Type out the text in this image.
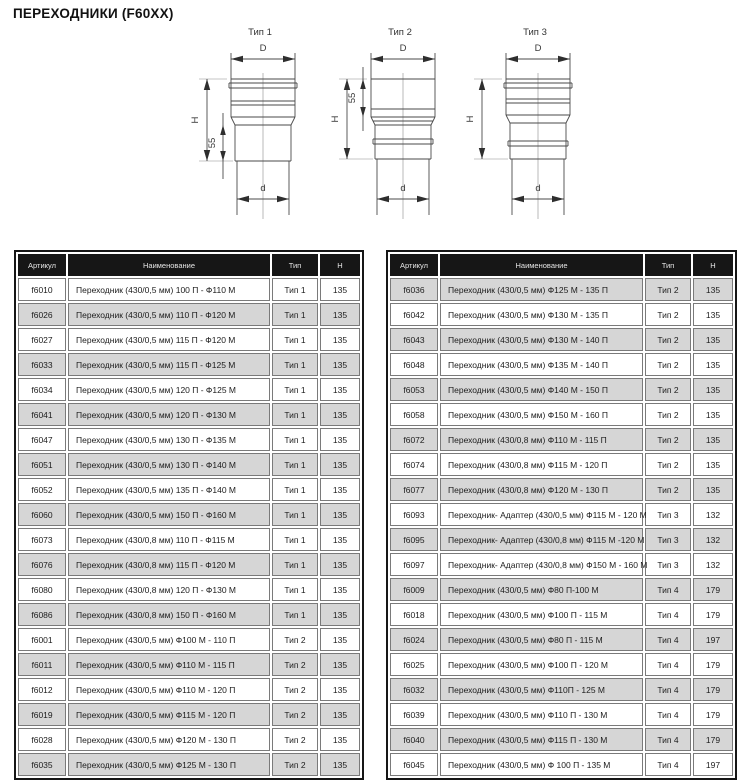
ПЕРЕХОДНИКИ (F60XX)
Тип 1
D
H
55
d
Тип 2
D
H
55
d
Тип 3
D
H
d
Артикул	Наименование	Тип	Н
f6010	Переходник (430/0,5 мм) 100 П - Ф110 М	Тип 1	135
f6026	Переходник (430/0,5 мм) 110 П - Ф120 М	Тип 1	135
f6027	Переходник (430/0,5 мм) 115 П - Ф120 М	Тип 1	135
f6033	Переходник (430/0,5 мм) 115 П - Ф125 М	Тип 1	135
f6034	Переходник (430/0,5 мм) 120 П - Ф125 М	Тип 1	135
f6041	Переходник (430/0,5 мм) 120 П - Ф130 М	Тип 1	135
f6047	Переходник (430/0,5 мм) 130 П - Ф135 М	Тип 1	135
f6051	Переходник (430/0,5 мм) 130 П - Ф140 М	Тип 1	135
f6052	Переходник (430/0,5 мм) 135 П - Ф140 М	Тип 1	135
f6060	Переходник (430/0,5 мм) 150 П - Ф160 М	Тип 1	135
f6073	Переходник (430/0,8 мм) 110 П - Ф115 М	Тип 1	135
f6076	Переходник (430/0,8 мм) 115 П - Ф120 М	Тип 1	135
f6080	Переходник (430/0,8 мм) 120 П - Ф130 М	Тип 1	135
f6086	Переходник (430/0,8 мм) 150 П - Ф160 М	Тип 1	135
f6001	Переходник (430/0,5 мм) Ф100 М - 110 П	Тип 2	135
f6011	Переходник (430/0,5 мм) Ф110 М - 115 П	Тип 2	135
f6012	Переходник (430/0,5 мм) Ф110 М - 120 П	Тип 2	135
f6019	Переходник (430/0,5 мм) Ф115 М - 120 П	Тип 2	135
f6028	Переходник (430/0,5 мм) Ф120 М - 130 П	Тип 2	135
f6035	Переходник (430/0,5 мм) Ф125 М - 130 П	Тип 2	135
Артикул	Наименование	Тип	Н
f6036	Переходник (430/0,5 мм) Ф125 М - 135 П	Тип 2	135
f6042	Переходник (430/0,5 мм) Ф130 М - 135 П	Тип 2	135
f6043	Переходник (430/0,5 мм) Ф130 М - 140 П	Тип 2	135
f6048	Переходник (430/0,5 мм) Ф135 М - 140 П	Тип 2	135
f6053	Переходник (430/0,5 мм) Ф140 М - 150 П	Тип 2	135
f6058	Переходник (430/0,5 мм) Ф150 М - 160 П	Тип 2	135
f6072	Переходник (430/0,8 мм) Ф110 М - 115 П	Тип 2	135
f6074	Переходник (430/0,8 мм) Ф115 М - 120 П	Тип 2	135
f6077	Переходник (430/0,8 мм) Ф120 М - 130 П	Тип 2	135
f6093	Переходник- Адаптер (430/0,5 мм) Ф115 М - 120 М	Тип 3	132
f6095	Переходник- Адаптер (430/0,8 мм) Ф115 М -120 М	Тип 3	132
f6097	Переходник- Адаптер (430/0,8 мм) Ф150 М - 160 М	Тип 3	132
f6009	Переходник (430/0,5 мм) Ф80 П-100 М	Тип 4	179
f6018	Переходник (430/0,5 мм) Ф100 П - 115 М	Тип 4	179
f6024	Переходник (430/0,5 мм) Ф80 П - 115 М	Тип 4	197
f6025	Переходник (430/0,5 мм) Ф100 П - 120 М	Тип 4	179
f6032	Переходник (430/0,5 мм) Ф110П - 125 М	Тип 4	179
f6039	Переходник (430/0,5 мм) Ф110 П - 130 М	Тип 4	179
f6040	Переходник (430/0,5 мм) Ф115 П - 130 М	Тип 4	179
f6045	Переходник (430/0,5 мм) Ф 100 П - 135 М	Тип 4	197
